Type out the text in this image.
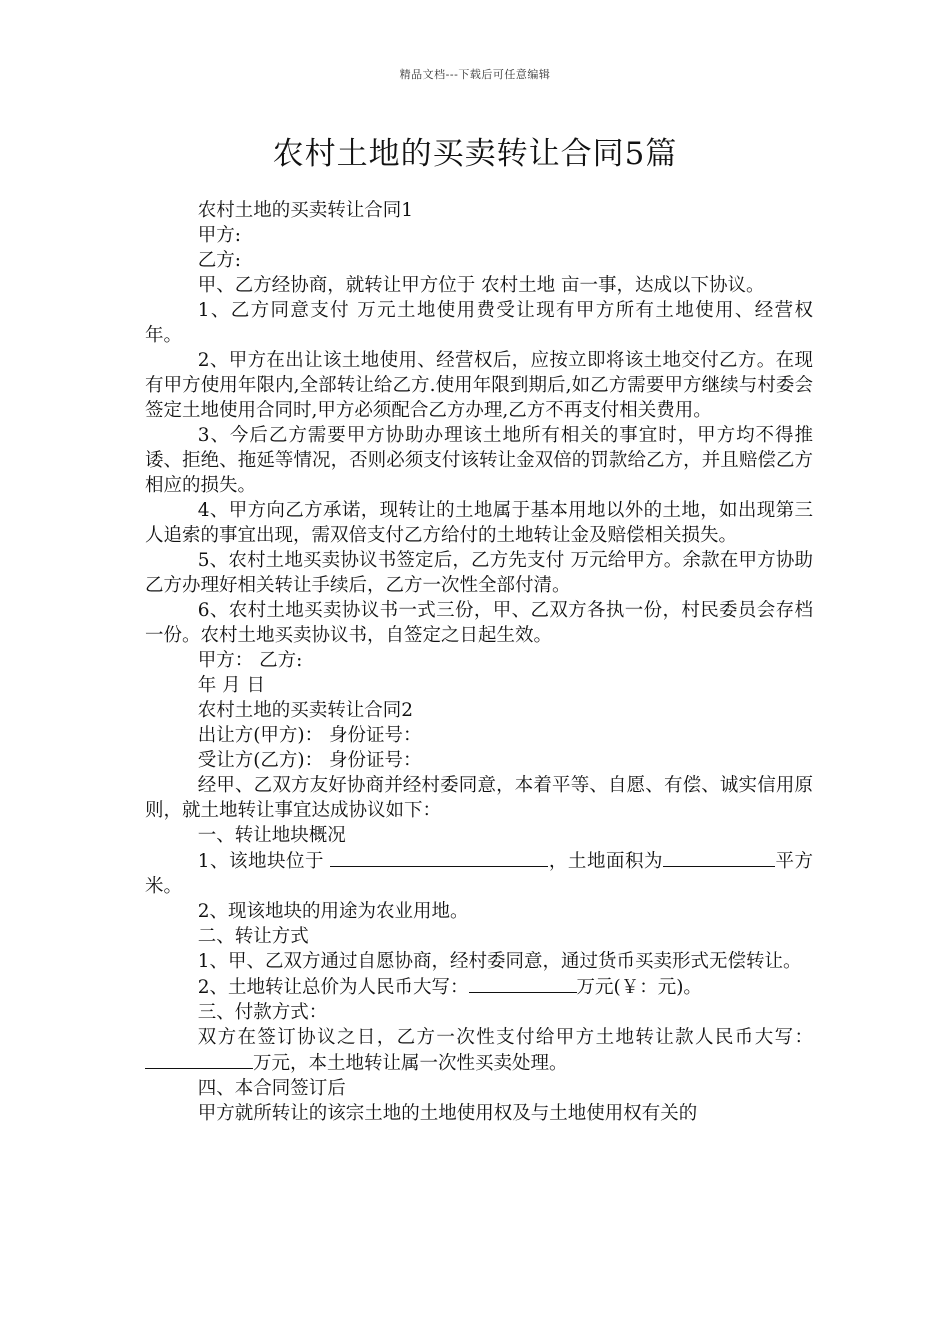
精品文档---下载后可任意编辑
农村土地的买卖转让合同5篇

农村土地的买卖转让合同1

甲方:

乙方:

甲、乙方经协商，就转让甲方位于 农村土地 亩一事，达成以下协议。

1、乙方同意支付 万元土地使用费受让现有甲方所有土地使用、经营权 年。

2、甲方在出让该土地使用、经营权后，应按立即将该土地交付乙方。在现有甲方使用年限内,全部转让给乙方.使用年限到期后,如乙方需要甲方继续与村委会签定土地使用合同时,甲方必须配合乙方办理,乙方不再支付相关费用。

3、今后乙方需要甲方协助办理该土地所有相关的事宜时，甲方均不得推诿、拒绝、拖延等情况，否则必须支付该转让金双倍的罚款给乙方，并且赔偿乙方相应的损失。

4、甲方向乙方承诺，现转让的土地属于基本用地以外的土地，如出现第三人追索的事宜出现，需双倍支付乙方给付的土地转让金及赔偿相关损失。

5、农村土地买卖协议书签定后，乙方先支付 万元给甲方。余款在甲方协助乙方办理好相关转让手续后，乙方一次性全部付清。

6、农村土地买卖协议书一式三份，甲、乙双方各执一份，村民委员会存档一份。农村土地买卖协议书，自签定之日起生效。

甲方： 乙方:

年 月 日

农村土地的买卖转让合同2

出让方(甲方)： 身份证号：

受让方(乙方)： 身份证号：

经甲、乙双方友好协商并经村委同意，本着平等、自愿、有偿、诚实信用原则，就土地转让事宜达成协议如下：

一、转让地块概况

1、该地块位于	，土地面积为	平方米。

2、现该地块的用途为农业用地。

二、转让方式

1、甲、乙双方通过自愿协商，经村委同意，通过货币买卖形式无偿转让。

2、土地转让总价为人民币大写：	万元(￥：元)。

三、付款方式：

双方在签订协议之日，乙方一次性支付给甲方土地转让款人民币大写：万元，本土地转让属一次性买卖处理。

四、本合同签订后

甲方就所转让的该宗土地的土地使用权及与土地使用权有关的
